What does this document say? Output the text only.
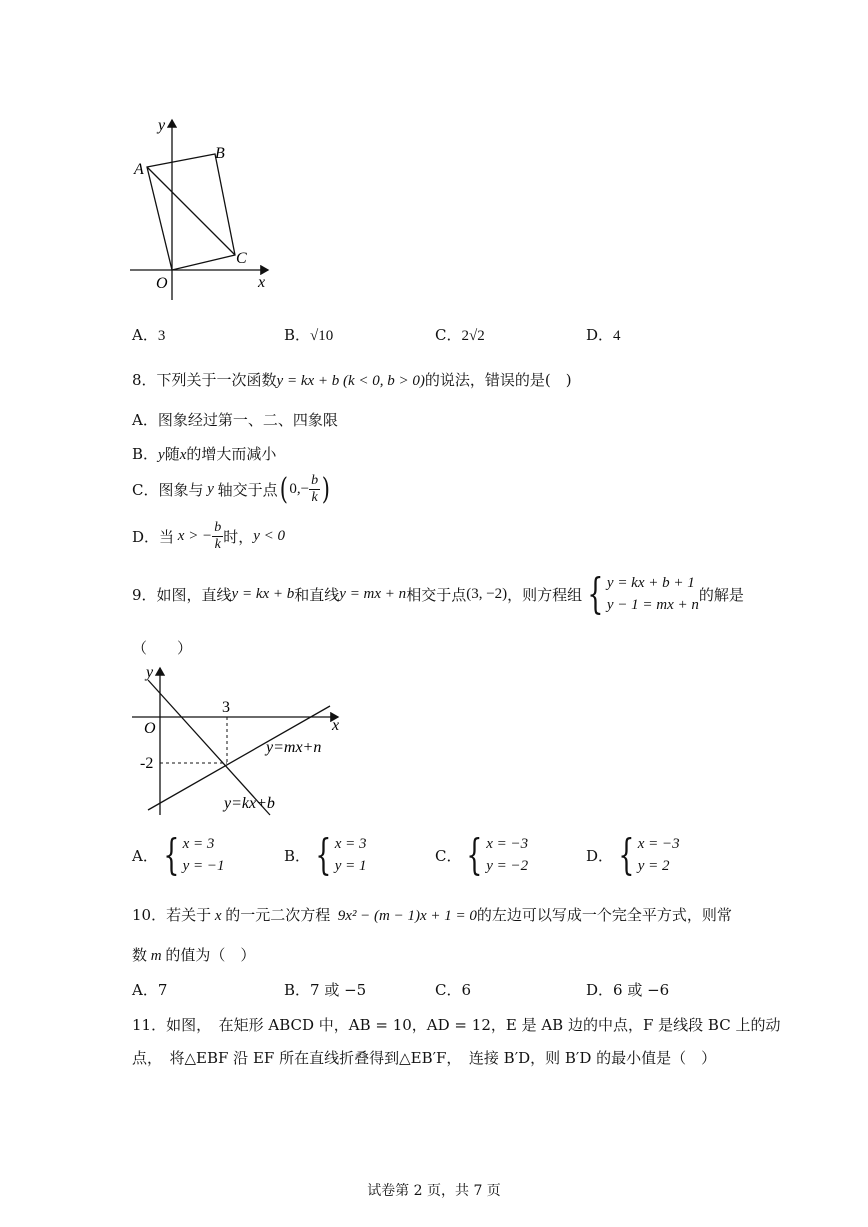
y
x
O
A
B
C
A．3	B．√10	C．2√2	D．4
8．下列关于一次函数y = kx + b (k < 0, b > 0)的说法，错误的是(　)
A．图象经过第一、二、四象限
B．y随x的增大而减小
C．图象与 y 轴交于点 ( $0,- \frac{b}{k}$ )
D．当 x > − $\frac{b}{k}$ 时， y < 0
9．如图，直线 y = kx + b 和直线 y = mx + n 相交于点 (3, −2) ，则方程组 { y = kx + b + 1
y − 1 = mx + n
的解是
（　　）
y
x
O
3
-2
y=mx+n
y=kx+b
A． { x = 3
y = −1
B． { x = 3
y = 1
C． { x = −3
y = −2
D． { x = −3
y = 2
10．若关于 x 的一元二次方程 9x² − (m − 1)x + 1 = 0的左边可以写成一个完全平方式，则常
数 m 的值为（　）
A．7	B．7 或 −5	C．6	D．6 或 −6
11．如图，　在矩形 ABCD 中，AB = 10，AD = 12，E 是 AB 边的中点，F 是线段 BC 上的动
点，　将△EBF 沿 EF 所在直线折叠得到△EB′F，　连接 B′D，则 B′D 的最小值是（　）
试卷第 2 页，共 7 页
